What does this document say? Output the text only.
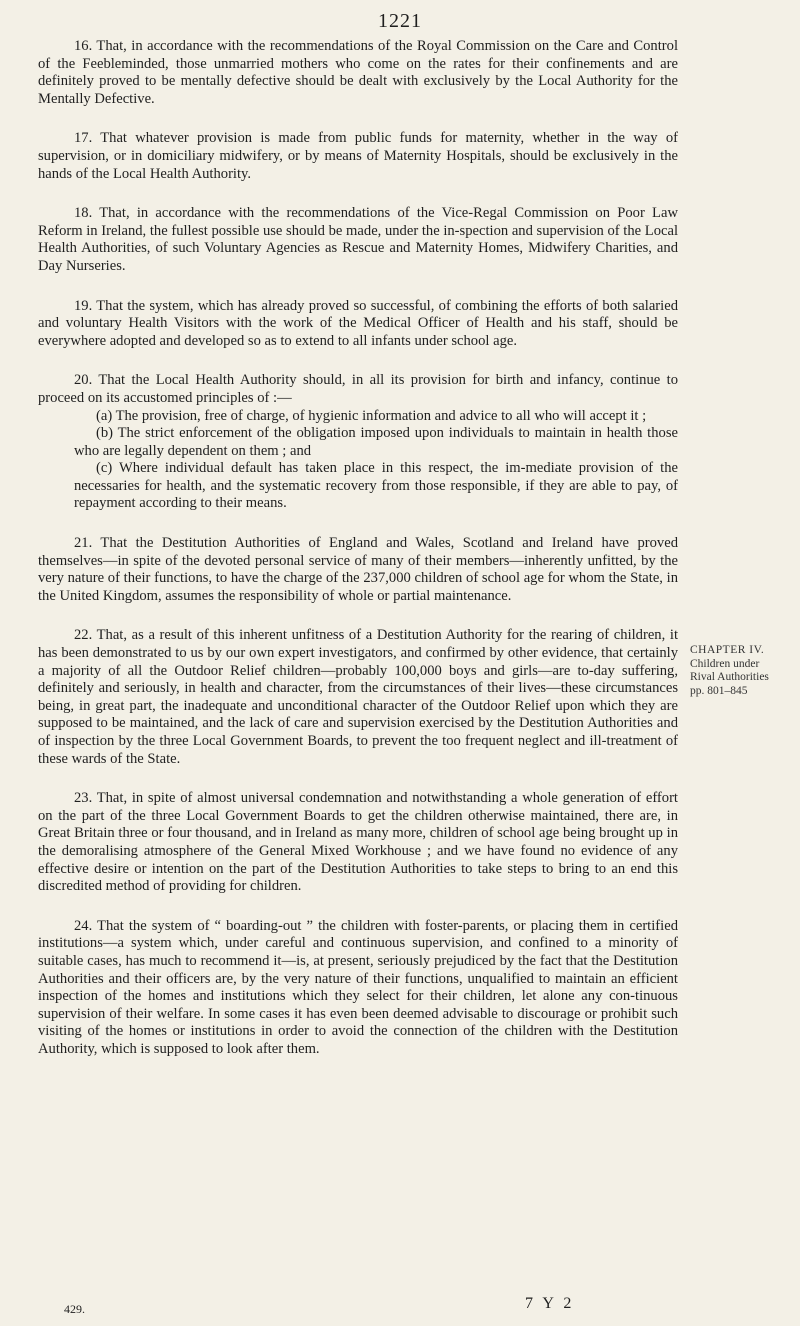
1221

16. That, in accordance with the recommendations of the Royal Commission on the Care and Control of the Feebleminded, those unmarried mothers who come on the rates for their confinements and are definitely proved to be mentally defective should be dealt with exclusively by the Local Authority for the Mentally Defective.

17. That whatever provision is made from public funds for maternity, whether in the way of supervision, or in domiciliary midwifery, or by means of Maternity Hospitals, should be exclusively in the hands of the Local Health Authority.

18. That, in accordance with the recommendations of the Vice-Regal Commission on Poor Law Reform in Ireland, the fullest possible use should be made, under the in-spection and supervision of the Local Health Authorities, of such Voluntary Agencies as Rescue and Maternity Homes, Midwifery Charities, and Day Nurseries.

19. That the system, which has already proved so successful, of combining the efforts of both salaried and voluntary Health Visitors with the work of the Medical Officer of Health and his staff, should be everywhere adopted and developed so as to extend to all infants under school age.

20. That the Local Health Authority should, in all its provision for birth and infancy, continue to proceed on its accustomed principles of :—

(a) The provision, free of charge, of hygienic information and advice to all who will accept it ;

(b) The strict enforcement of the obligation imposed upon individuals to maintain in health those who are legally dependent on them ; and

(c) Where individual default has taken place in this respect, the im-mediate provision of the necessaries for health, and the systematic recovery from those responsible, if they are able to pay, of repayment according to their means.

21. That the Destitution Authorities of England and Wales, Scotland and Ireland have proved themselves—in spite of the devoted personal service of many of their members—inherently unfitted, by the very nature of their functions, to have the charge of the 237,000 children of school age for whom the State, in the United Kingdom, assumes the responsibility of whole or partial maintenance.

22. That, as a result of this inherent unfitness of a Destitution Authority for the rearing of children, it has been demonstrated to us by our own expert investigators, and confirmed by other evidence, that certainly a majority of all the Outdoor Relief children—probably 100,000 boys and girls—are to-day suffering, definitely and seriously, in health and character, from the circumstances of their lives—these circumstances being, in great part, the inadequate and unconditional character of the Outdoor Relief upon which they are supposed to be maintained, and the lack of care and supervision exercised by the Destitution Authorities and of inspection by the three Local Government Boards, to prevent the too frequent neglect and ill-treatment of these wards of the State.

23. That, in spite of almost universal condemnation and notwithstanding a whole generation of effort on the part of the three Local Government Boards to get the children otherwise maintained, there are, in Great Britain three or four thousand, and in Ireland as many more, children of school age being brought up in the demoralising atmosphere of the General Mixed Workhouse ; and we have found no evidence of any effective desire or intention on the part of the Destitution Authorities to take steps to bring to an end this discredited method of providing for children.

24. That the system of “ boarding-out ” the children with foster-parents, or placing them in certified institutions—a system which, under careful and continuous supervision, and confined to a minority of suitable cases, has much to recommend it—is, at present, seriously prejudiced by the fact that the Destitution Authorities and their officers are, by the very nature of their functions, unqualified to maintain an efficient inspection of the homes and institutions which they select for their children, let alone any con-tinuous supervision of their welfare. In some cases it has even been deemed advisable to discourage or prohibit such visiting of the homes or institutions in order to avoid the connection of the children with the Destitution Authority, which is supposed to look after them.

CHAPTER IV.
Children under
Rival Authorities
pp. 801–845
429.	7 Y 2
